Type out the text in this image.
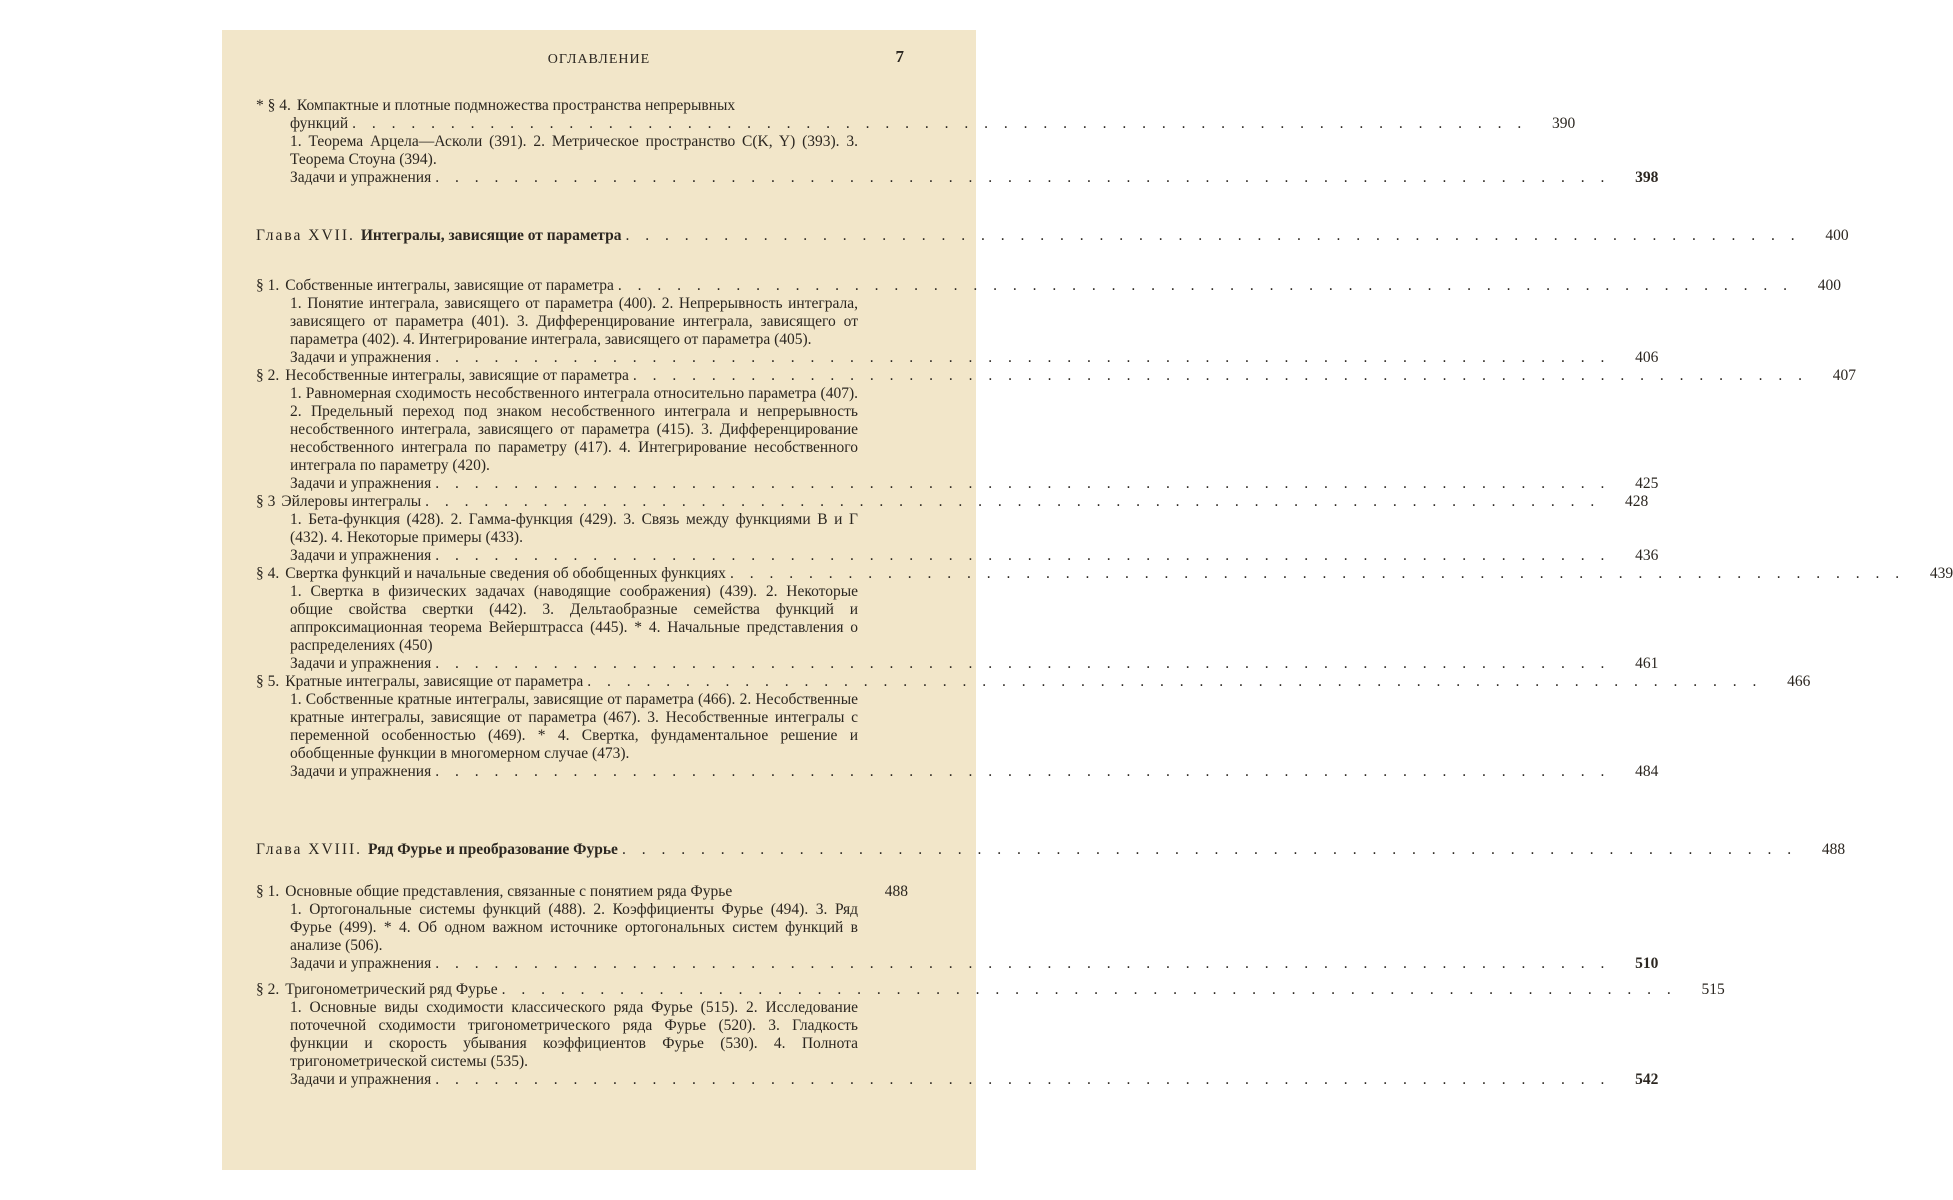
ОГЛАВЛЕНИЕ	7
* § 4. Компактные и плотные подмножества пространства непрерывных
функций . . . . . . . . . . . . . . . . . . . . . . . . . . . . . . . . . . . . . . . . . . . . . . . . . . . . . . . . . . . .	390
1. Теорема Арцела—Асколи (391). 2. Метрическое пространство C(K, Y) (393). 3. Теорема Стоуна (394).
Задачи и упражнения . . . . . . . . . . . . . . . . . . . . . . . . . . . . . . . . . . . . . . . . . . . . . . . . . . . . . . . . . . . .	398
Глава XVII. Интегралы, зависящие от параметра . . . . . . . . . . . . . . . . . . . . . . . . . . . . . . . . . . . . . . . . . . . . . . . . . . . . . . . . . . . .	400
§ 1. Собственные интегралы, зависящие от параметра . . . . . . . . . . . . . . . . . . . . . . . . . . . . . . . . . . . . . . . . . . . . . . . . . . . . . . . . . . . .	400
1. Понятие интеграла, зависящего от параметра (400). 2. Непрерывность интеграла, зависящего от параметра (401). 3. Дифференцирование интеграла, зависящего от параметра (402). 4. Интегрирование интеграла, зависящего от параметра (405).
Задачи и упражнения . . . . . . . . . . . . . . . . . . . . . . . . . . . . . . . . . . . . . . . . . . . . . . . . . . . . . . . . . . . .	406
§ 2. Несобственные интегралы, зависящие от параметра . . . . . . . . . . . . . . . . . . . . . . . . . . . . . . . . . . . . . . . . . . . . . . . . . . . . . . . . . . . .	407
1. Равномерная сходимость несобственного интеграла относительно параметра (407). 2. Предельный переход под знаком несобственного интеграла и непрерывность несобственного интеграла, зависящего от параметра (415). 3. Дифференцирование несобственного интеграла по параметру (417). 4. Интегрирование несобственного интеграла по параметру (420).
Задачи и упражнения . . . . . . . . . . . . . . . . . . . . . . . . . . . . . . . . . . . . . . . . . . . . . . . . . . . . . . . . . . . .	425
§ 3 Эйлеровы интегралы . . . . . . . . . . . . . . . . . . . . . . . . . . . . . . . . . . . . . . . . . . . . . . . . . . . . . . . . . . . .	428
1. Бета-функция (428). 2. Гамма-функция (429). 3. Связь между функциями B и Γ (432). 4. Некоторые примеры (433).
Задачи и упражнения . . . . . . . . . . . . . . . . . . . . . . . . . . . . . . . . . . . . . . . . . . . . . . . . . . . . . . . . . . . .	436
§ 4. Свертка функций и начальные сведения об обобщенных функциях . . . . . . . . . . . . . . . . . . . . . . . . . . . . . . . . . . . . . . . . . . . . . . . . . . . . . . . . . . . .	439
1. Свертка в физических задачах (наводящие соображения) (439). 2. Некоторые общие свойства свертки (442). 3. Дельтаобразные семейства функций и аппроксимационная теорема Вейерштрасса (445). * 4. Начальные представления о распределениях (450)
Задачи и упражнения . . . . . . . . . . . . . . . . . . . . . . . . . . . . . . . . . . . . . . . . . . . . . . . . . . . . . . . . . . . .	461
§ 5. Кратные интегралы, зависящие от параметра . . . . . . . . . . . . . . . . . . . . . . . . . . . . . . . . . . . . . . . . . . . . . . . . . . . . . . . . . . . .	466
1. Собственные кратные интегралы, зависящие от параметра (466). 2. Несобственные кратные интегралы, зависящие от параметра (467). 3. Несобственные интегралы с переменной особенностью (469). * 4. Свертка, фундаментальное решение и обобщенные функции в многомерном случае (473).
Задачи и упражнения . . . . . . . . . . . . . . . . . . . . . . . . . . . . . . . . . . . . . . . . . . . . . . . . . . . . . . . . . . . .	484
Глава XVIII. Ряд Фурье и преобразование Фурье . . . . . . . . . . . . . . . . . . . . . . . . . . . . . . . . . . . . . . . . . . . . . . . . . . . . . . . . . . . .	488
§ 1. Основные общие представления, связанные с понятием ряда Фурье	488
1. Ортогональные системы функций (488). 2. Коэффициенты Фурье (494). 3. Ряд Фурье (499). * 4. Об одном важном источнике ортогональных систем функций в анализе (506).
Задачи и упражнения . . . . . . . . . . . . . . . . . . . . . . . . . . . . . . . . . . . . . . . . . . . . . . . . . . . . . . . . . . . .	510
§ 2. Тригонометрический ряд Фурье . . . . . . . . . . . . . . . . . . . . . . . . . . . . . . . . . . . . . . . . . . . . . . . . . . . . . . . . . . . .	515
1. Основные виды сходимости классического ряда Фурье (515). 2. Исследование поточечной сходимости тригонометрического ряда Фурье (520). 3. Гладкость функции и скорость убывания коэффициентов Фурье (530). 4. Полнота тригонометрической системы (535).
Задачи и упражнения . . . . . . . . . . . . . . . . . . . . . . . . . . . . . . . . . . . . . . . . . . . . . . . . . . . . . . . . . . . .	542
